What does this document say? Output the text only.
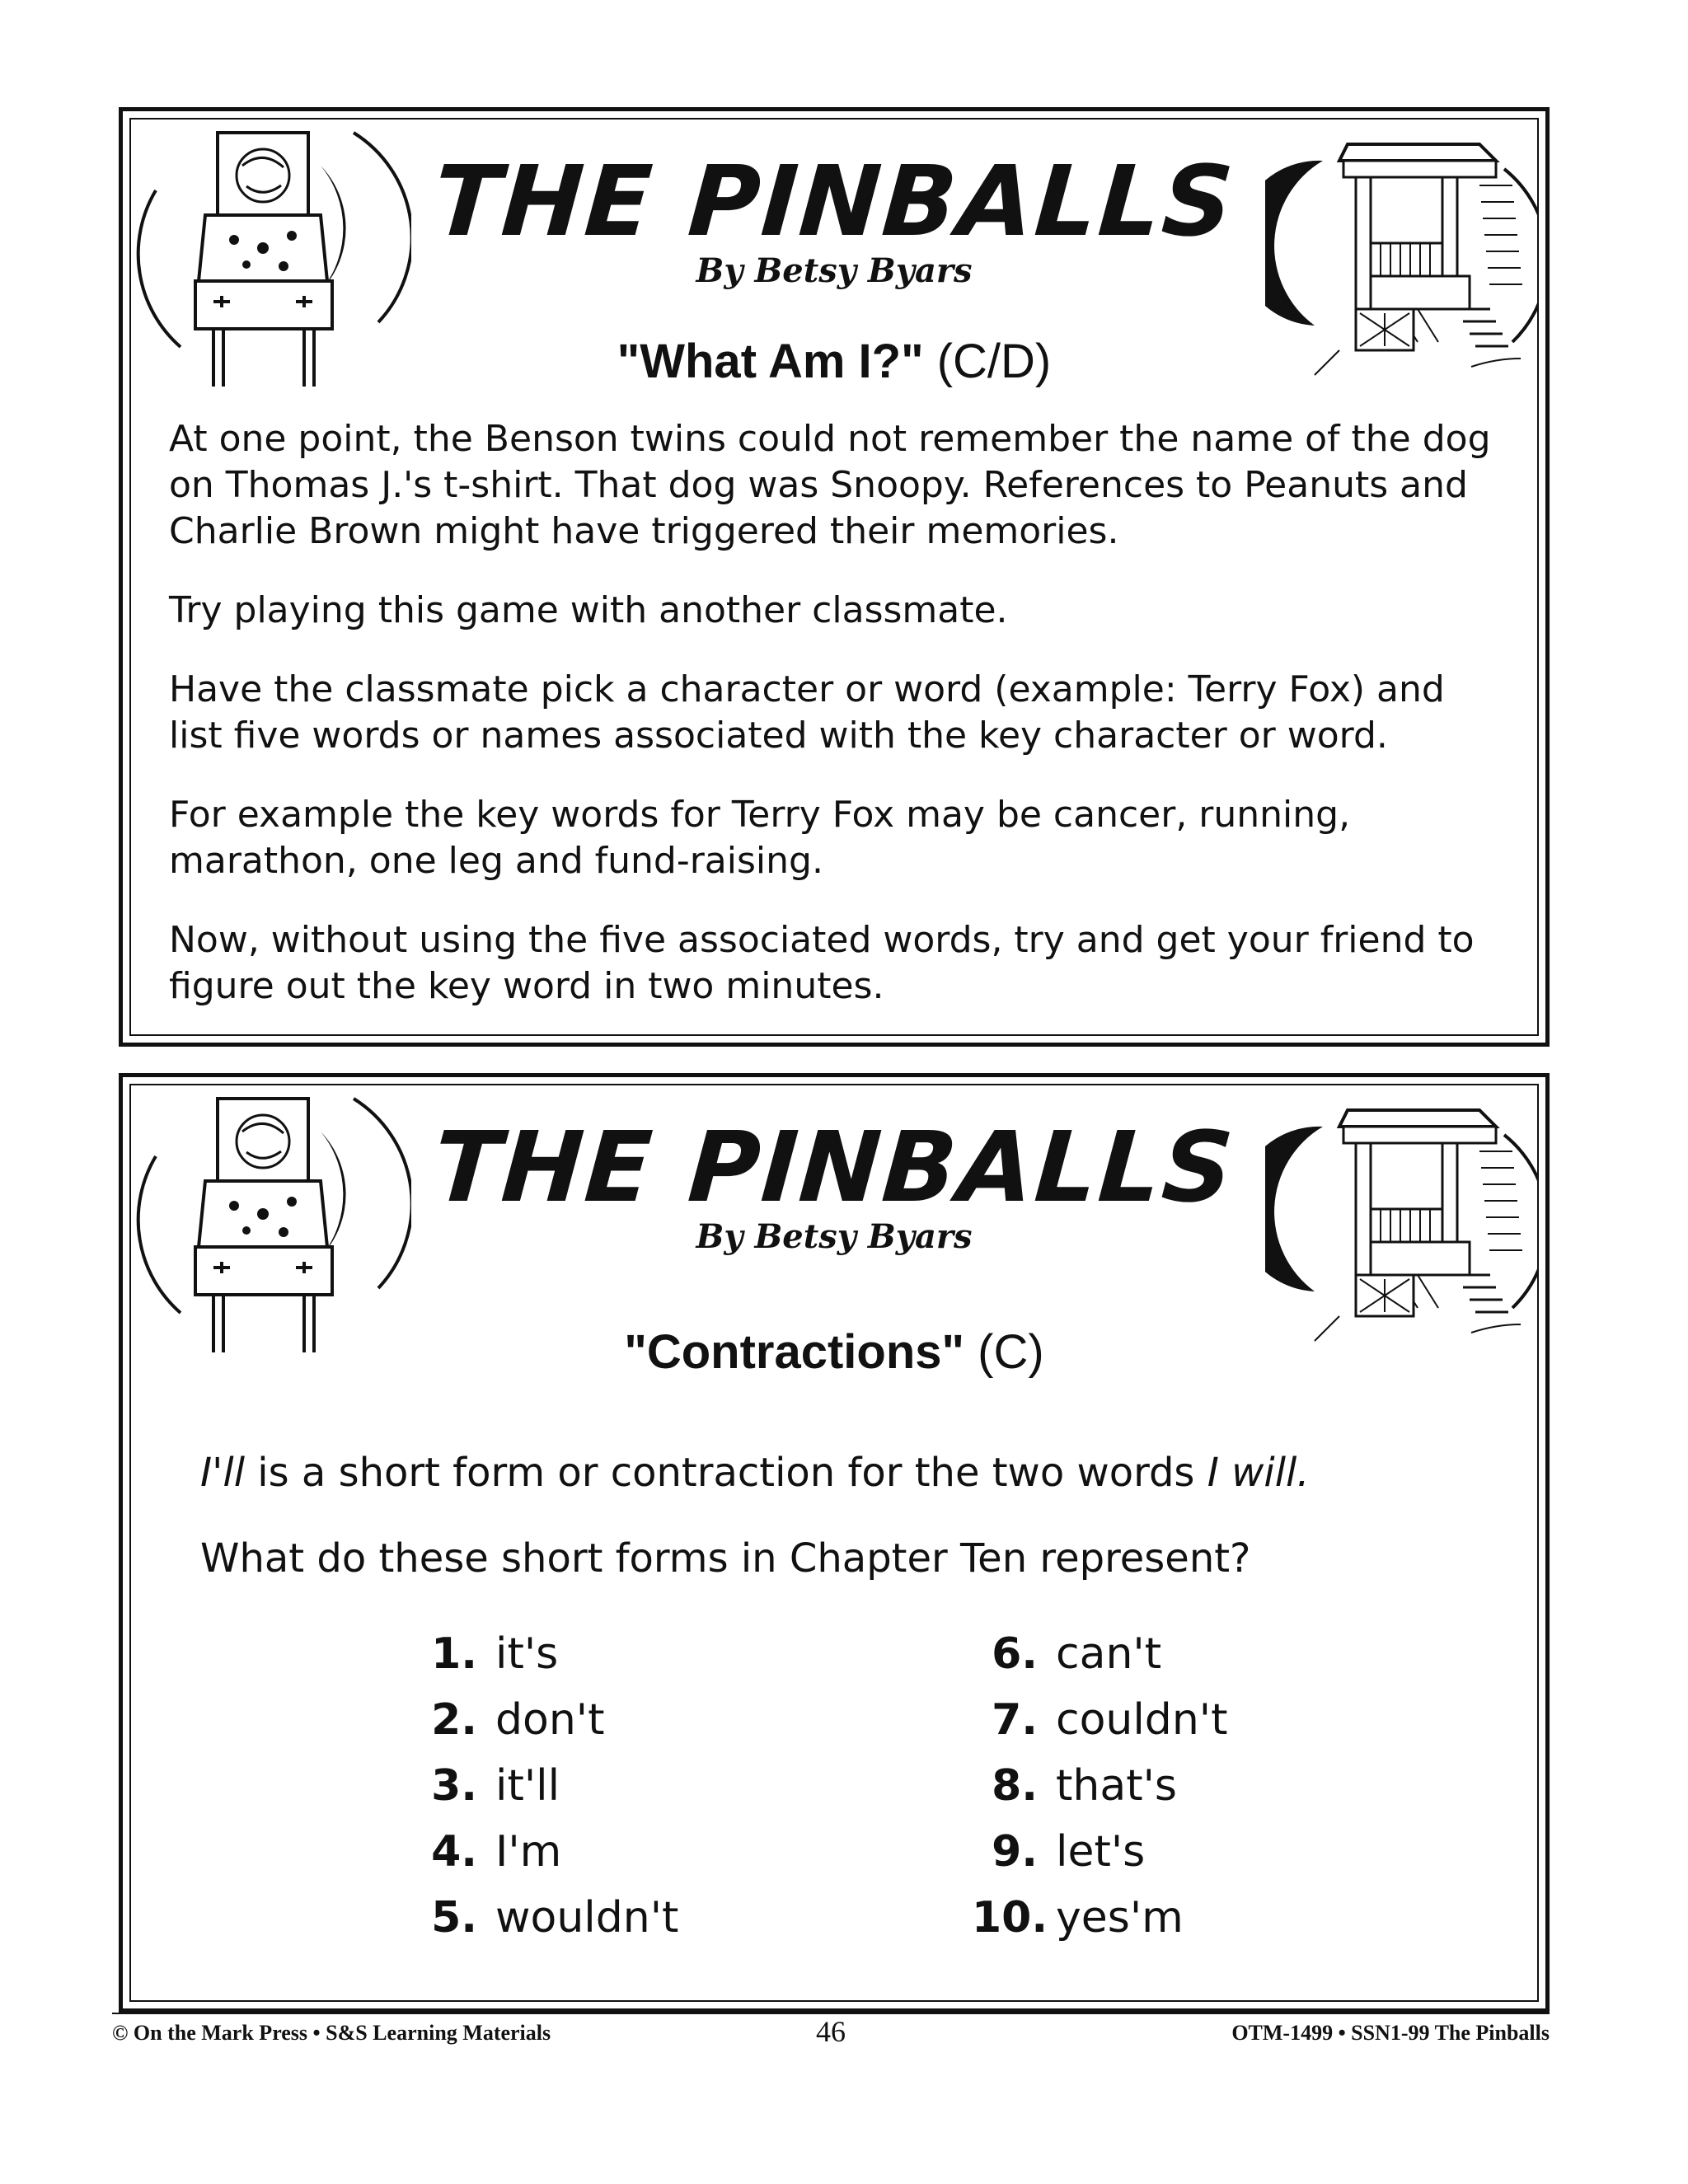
THE PINBALLS
By Betsy Byars
"What Am I?" (C/D)

At one point, the Benson twins could not remember the name of the dog on Thomas J.'s t-shirt. That dog was Snoopy. References to Peanuts and Charlie Brown might have triggered their memories.

Try playing this game with another classmate.

Have the classmate pick a character or word (example: Terry Fox) and list five words or names associated with the key character or word.

For example the key words for Terry Fox may be cancer, running, marathon, one leg and fund-raising.

Now, without using the five associated words, try and get your friend to figure out the key word in two minutes.

THE PINBALLS
By Betsy Byars
"Contractions" (C)

I'll is a short form or contraction for the two words I will.

What do these short forms in Chapter Ten represent?

1. it's
2. don't
3. it'll
4. I'm
5. wouldn't
6. can't
7. couldn't
8. that's
9. let's
10. yes'm
© On the Mark Press • S&S Learning Materials	46	OTM-1499 • SSN1-99 The Pinballs
